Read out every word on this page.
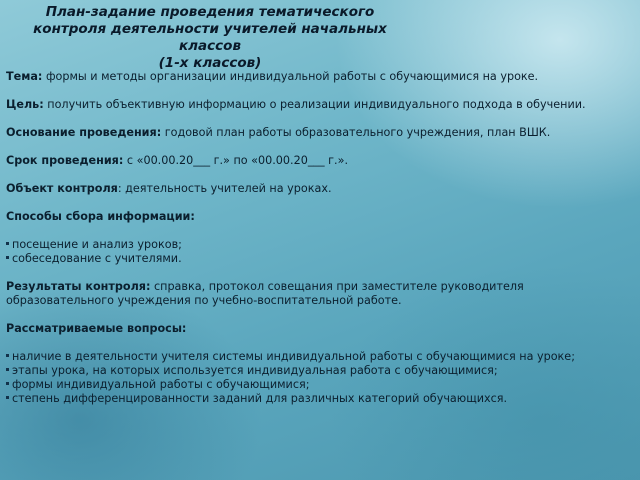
План-задание проведения тематического
контроля деятельности учителей начальных классов
(1-х классов)

Тема: формы и методы организации индивидуальной работы с обучающимися на уроке.

Цель: получить объективную информацию о реализации индивидуального подхода в обучении.

Основание проведения: годовой план работы образовательного учреждения, план ВШК.

Срок проведения: с «00.00.20___ г.» по «00.00.20___ г.».

Объект контроля: деятельность учителей на уроках.

Способы сбора информации:

посещение и анализ уроков;
собеседование с учителями.

Результаты контроля: справка, протокол совещания при заместителе руководителя образовательного учреждения по учебно-воспитательной работе.

Рассматриваемые вопросы:

наличие в деятельности учителя системы индивидуальной работы с обучающимися на уроке;
этапы урока, на которых используется индивидуальная работа с обучающимися;
формы индивидуальной работы с обучающимися;
степень дифференцированности заданий для различных категорий обучающихся.
